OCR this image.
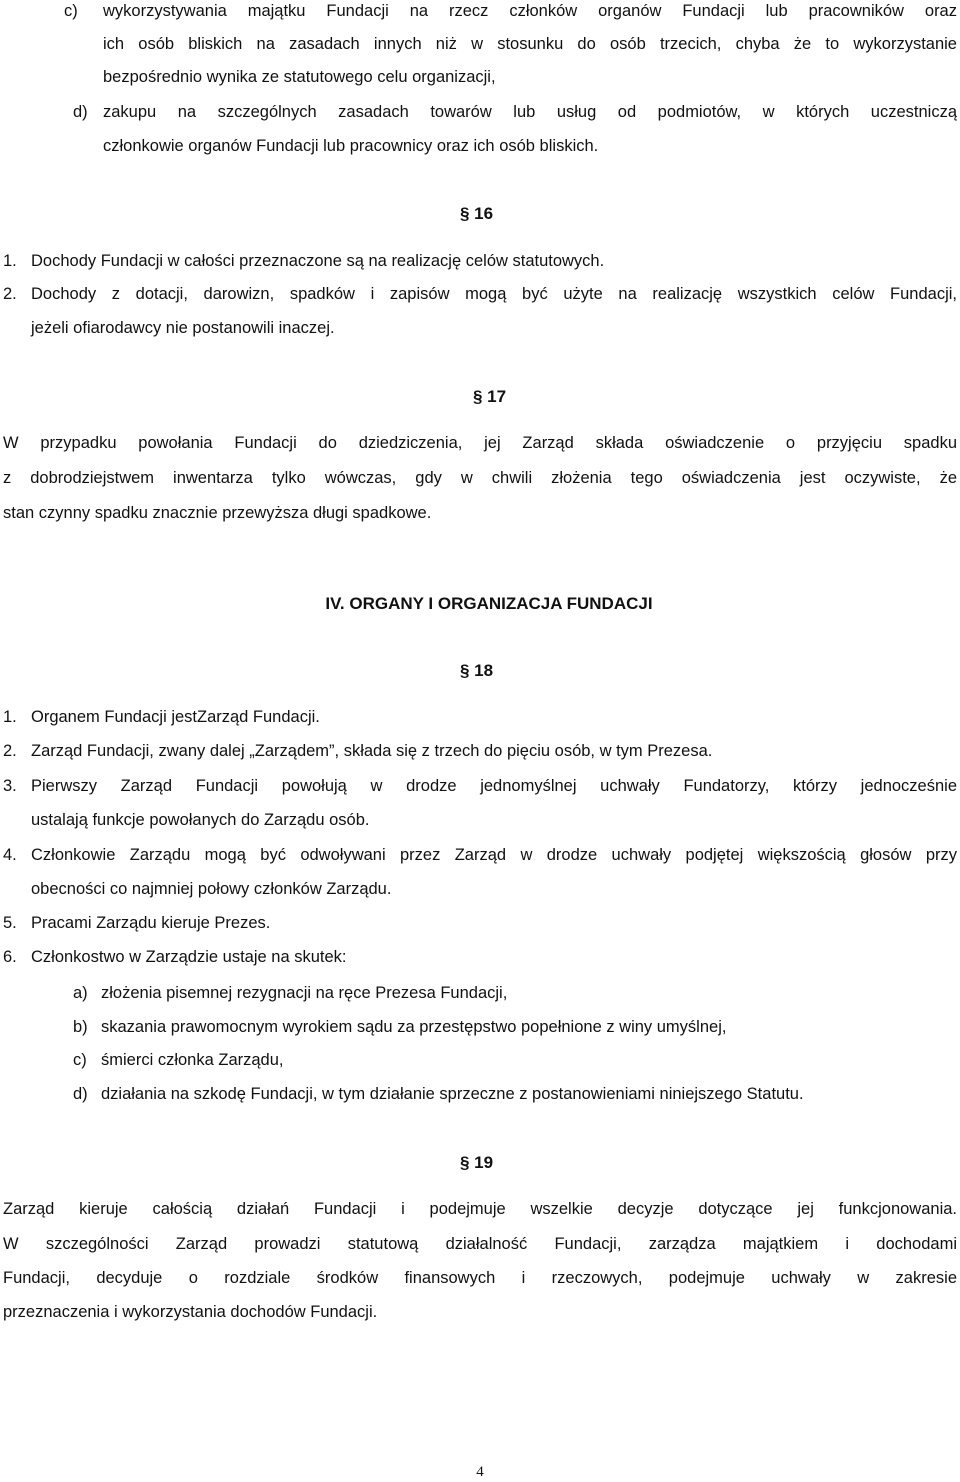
c) wykorzystywania majątku Fundacji na rzecz członków organów Fundacji lub pracowników oraz
ich osób bliskich na zasadach innych niż w stosunku do osób trzecich, chyba że to wykorzystanie
bezpośrednio wynika ze statutowego celu organizacji,
d) zakupu na szczególnych zasadach towarów lub usług od podmiotów, w których uczestniczą
członkowie organów Fundacji lub pracownicy oraz ich osób bliskich.
§ 16
1. Dochody Fundacji w całości przeznaczone są na realizację celów statutowych.
2. Dochody z dotacji, darowizn, spadków i zapisów mogą być użyte na realizację wszystkich celów Fundacji,
jeżeli ofiarodawcy nie postanowili inaczej.
§ 17
W przypadku powołania Fundacji do dziedziczenia, jej Zarząd składa oświadczenie o przyjęciu spadku
z dobrodziejstwem inwentarza tylko wówczas, gdy w chwili złożenia tego oświadczenia jest oczywiste, że
stan czynny spadku znacznie przewyższa długi spadkowe.
IV. ORGANY I ORGANIZACJA FUNDACJI
§ 18
1. Organem Fundacji jestZarząd Fundacji.
2. Zarząd Fundacji, zwany dalej „Zarządem”, składa się z trzech do pięciu osób, w tym Prezesa.
3. Pierwszy Zarząd Fundacji powołują w drodze jednomyślnej uchwały Fundatorzy, którzy jednocześnie
ustalają funkcje powołanych do Zarządu osób.
4. Członkowie Zarządu mogą być odwoływani przez Zarząd w drodze uchwały podjętej większością głosów przy
obecności co najmniej połowy członków Zarządu.
5. Pracami Zarządu kieruje Prezes.
6. Członkostwo w Zarządzie ustaje na skutek:
a) złożenia pisemnej rezygnacji na ręce Prezesa Fundacji,
b) skazania prawomocnym wyrokiem sądu za przestępstwo popełnione z winy umyślnej,
c) śmierci członka Zarządu,
d) działania na szkodę Fundacji, w tym działanie sprzeczne z postanowieniami niniejszego Statutu.
§ 19
Zarząd kieruje całością działań Fundacji i podejmuje wszelkie decyzje dotyczące jej funkcjonowania.
W szczególności Zarząd prowadzi statutową działalność Fundacji, zarządza majątkiem i dochodami
Fundacji, decyduje o rozdziale środków finansowych i rzeczowych, podejmuje uchwały w zakresie
przeznaczenia i wykorzystania dochodów Fundacji.
4
